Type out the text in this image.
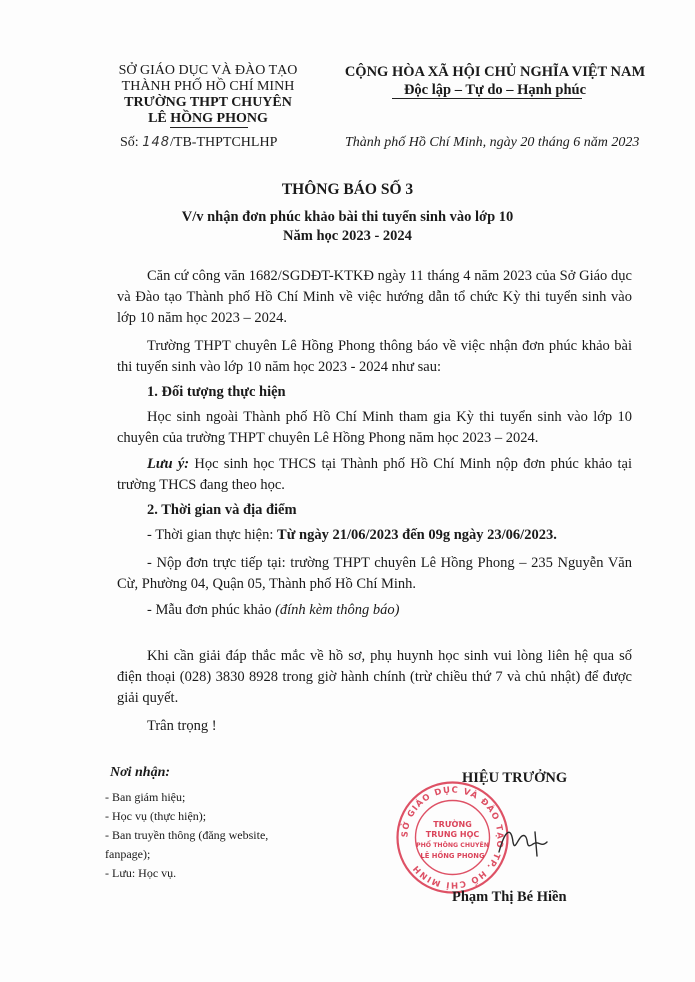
SỞ GIÁO DỤC VÀ ĐÀO TẠO
THÀNH PHỐ HỒ CHÍ MINH
TRƯỜNG THPT CHUYÊN
LÊ HỒNG PHONG
CỘNG HÒA XÃ HỘI CHỦ NGHĨA VIỆT NAM
Độc lập – Tự do – Hạnh phúc
Số: 148/TB-THPTCHLHP	Thành phố Hồ Chí Minh, ngày 20 tháng 6 năm 2023
THÔNG BÁO SỐ 3
V/v nhận đơn phúc khảo bài thi tuyển sinh vào lớp 10
Năm học 2023 - 2024

Căn cứ công văn 1682/SGDĐT-KTKĐ ngày 11 tháng 4 năm 2023 của Sở Giáo dục và Đào tạo Thành phố Hồ Chí Minh về việc hướng dẫn tổ chức Kỳ thi tuyển sinh vào lớp 10 năm học 2023 – 2024.

Trường THPT chuyên Lê Hồng Phong thông báo về việc nhận đơn phúc khảo bài thi tuyển sinh vào lớp 10 năm học 2023 - 2024 như sau:

1. Đối tượng thực hiện

Học sinh ngoài Thành phố Hồ Chí Minh tham gia Kỳ thi tuyển sinh vào lớp 10 chuyên của trường THPT chuyên Lê Hồng Phong năm học 2023 – 2024.

Lưu ý: Học sinh học THCS tại Thành phố Hồ Chí Minh nộp đơn phúc khảo tại trường THCS đang theo học.

2. Thời gian và địa điểm

- Thời gian thực hiện: Từ ngày 21/06/2023 đến 09g ngày 23/06/2023.

- Nộp đơn trực tiếp tại: trường THPT chuyên Lê Hồng Phong – 235 Nguyễn Văn Cừ, Phường 04, Quận 05, Thành phố Hồ Chí Minh.

- Mẫu đơn phúc khảo (đính kèm thông báo)

Khi cần giải đáp thắc mắc về hồ sơ, phụ huynh học sinh vui lòng liên hệ qua số điện thoại (028) 3830 8928 trong giờ hành chính (trừ chiều thứ 7 và chủ nhật) để được giải quyết.

Trân trọng !

Nơi nhận:
- Ban giám hiệu;
- Học vụ (thực hiện);
- Ban truyền thông (đăng website, fanpage);
- Lưu: Học vụ.
HIỆU TRƯỞNG
SỞ GIÁO DỤC VÀ ĐÀO TẠO TP. HỒ CHÍ MINH
TRƯỜNG
TRUNG HỌC
PHỔ THÔNG CHUYÊN
LÊ HỒNG PHONG
Phạm Thị Bé Hiền
